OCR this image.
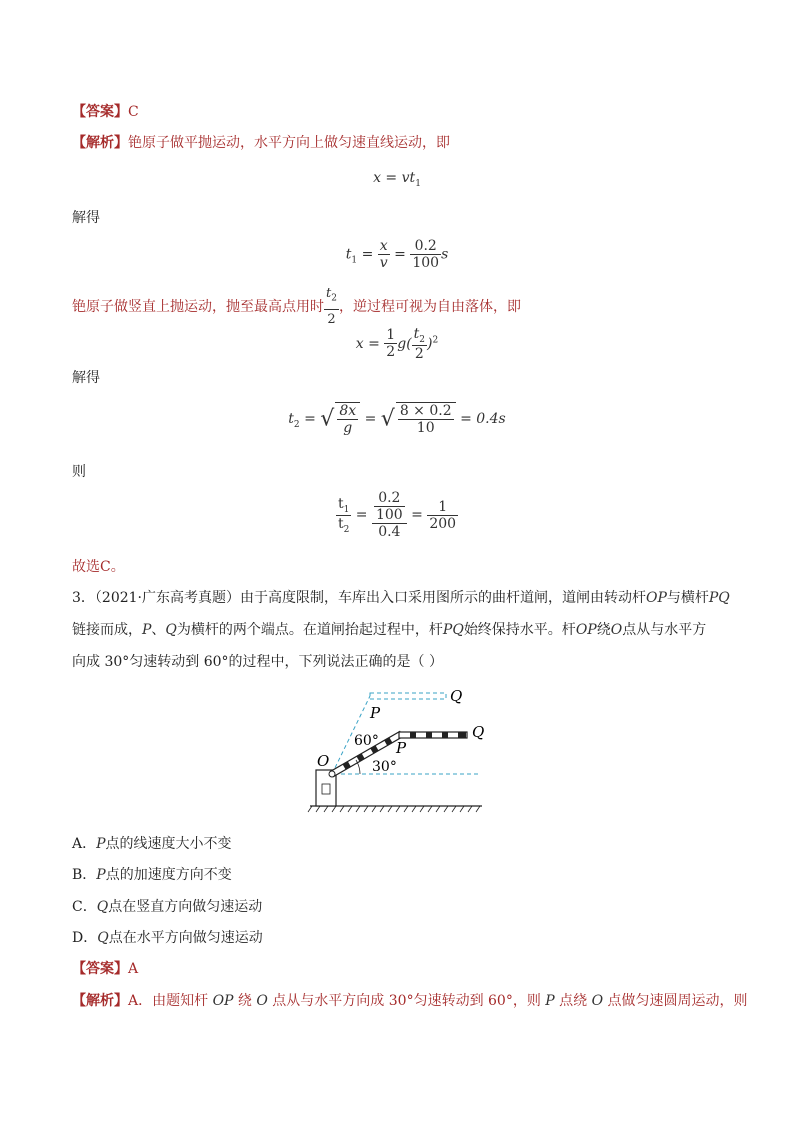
【答案】C
【解析】铯原子做平抛运动，水平方向上做匀速直线运动，即
$x = vt_1$
解得
$t_1 = \frac{x}{v} = \frac{0.2}{100}$ s
铯原子做竖直上抛运动，抛至最高点用时 $\frac{t_2}{2}$ ，逆过程可视为自由落体，即
$x = \frac{1}{2} g( \frac{t_2}{2} )^2$
解得
$t_2$ = √ $\frac{8x}{g}$ = √ $\frac{8 \times 0.2}{10} = 0.4s$
则
$\frac{t_1}{t_2} = \frac{\frac{0.2}{100}}{0.4} = \frac{1}{200}$
故选C。
3．（2021·广东高考真题）由于高度限制，车库出入口采用图所示的曲杆道闸，道闸由转动杆OP与横杆PQ
链接而成，P、Q为横杆的两个端点。在道闸抬起过程中，杆PQ始终保持水平。杆OP绕O点从与水平方
向成 30°匀速转动到 60°的过程中，下列说法正确的是（ ）
O
P
Q
P
Q
60°
30°
A．P点的线速度大小不变
B．P点的加速度方向不变
C．Q点在竖直方向做匀速运动
D．Q点在水平方向做匀速运动
【答案】A
【解析】A．由题知杆 OP 绕 O 点从与水平方向成 30°匀速转动到 60°，则 P 点绕 O 点做匀速圆周运动，则
